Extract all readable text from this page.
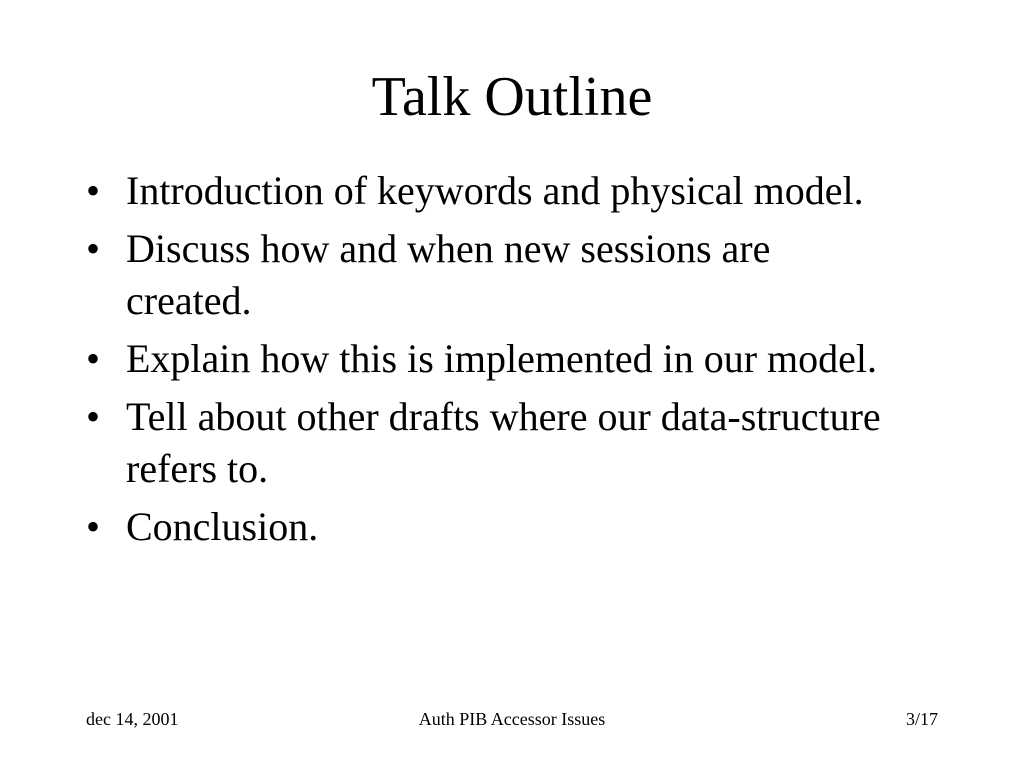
Talk Outline
• Introduction of keywords and physical model.
• Discuss how and when new sessions are created.
• Explain how this is implemented in our model.
• Tell about other drafts where our data-structure refers to.
• Conclusion.
dec 14, 2001	Auth PIB Accessor Issues	3/17
